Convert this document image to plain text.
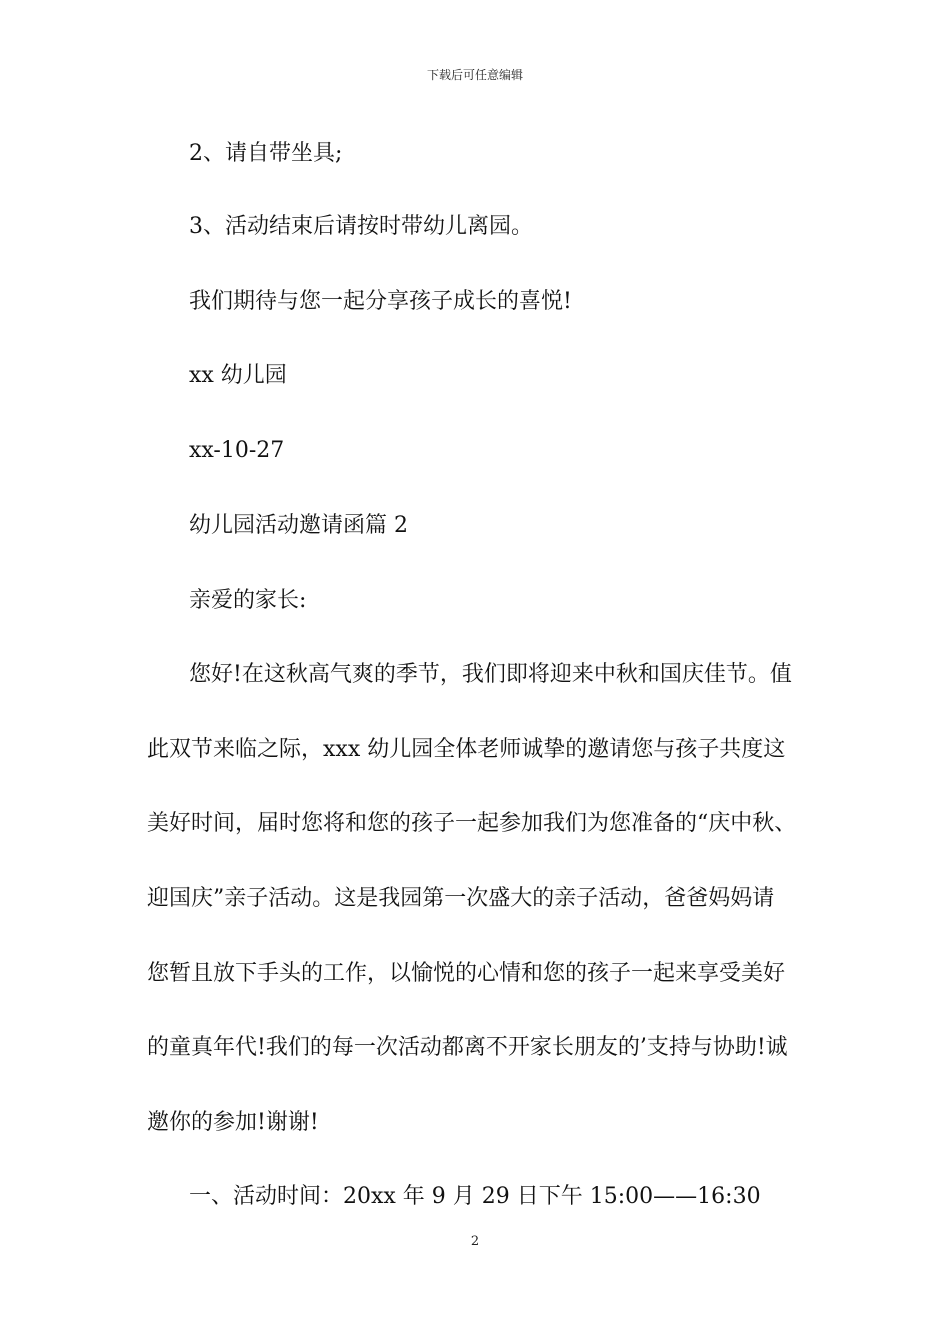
下载后可任意编辑
2、请自带坐具;
3、活动结束后请按时带幼儿离园。
我们期待与您一起分享孩子成长的喜悦!
xx 幼儿园
xx-10-27
幼儿园活动邀请函篇 2
亲爱的家长:
您好!在这秋高气爽的季节，我们即将迎来中秋和国庆佳节。值
此双节来临之际，xxx 幼儿园全体老师诚挚的邀请您与孩子共度这
美好时间，届时您将和您的孩子一起参加我们为您准备的“庆中秋、
迎国庆”亲子活动。这是我园第一次盛大的亲子活动，爸爸妈妈请
您暂且放下手头的工作，以愉悦的心情和您的孩子一起来享受美好
的童真年代!我们的每一次活动都离不开家长朋友的’支持与协助!诚
邀你的参加!谢谢!
一、活动时间：20xx 年 9 月 29 日下午 15:00——16:30
2
